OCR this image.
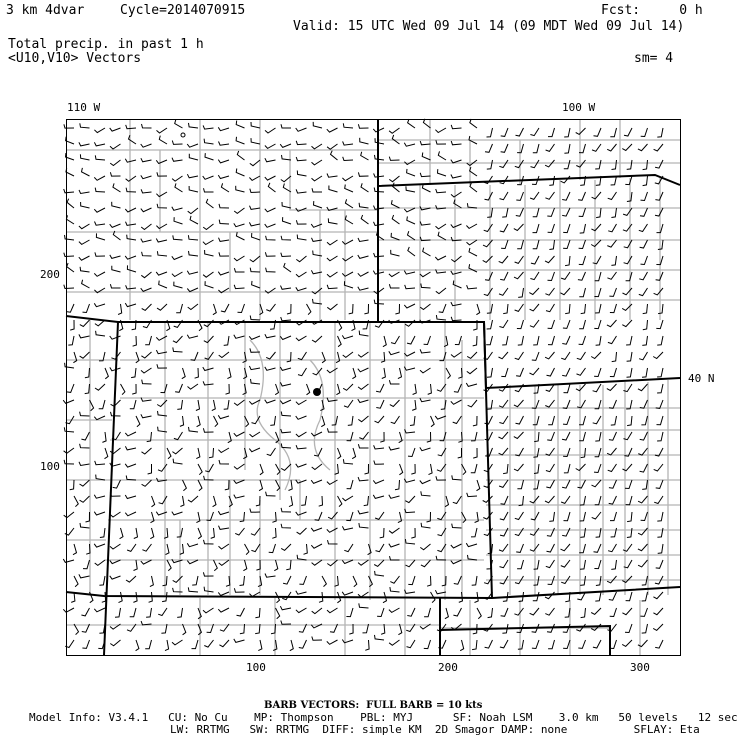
3 km 4dvar	Cycle=2014070915	Fcst:     0 h
Valid: 15 UTC Wed 09 Jul 14 (09 MDT Wed 09 Jul 14)
Total precip. in past 1 h
<U10,V10> Vectors	sm= 4
110 W	100 W
40 N
200
100
100	200	300
BARB VECTORS:  FULL BARB = 10 kts
Model Info: V3.4.1   CU: No Cu    MP: Thompson    PBL: MYJ      SF: Noah LSM    3.0 km   50 levels   12 sec
LW: RRTMG   SW: RRTMG  DIFF: simple KM  2D Smagor DAMP: none          SFLAY: Eta
